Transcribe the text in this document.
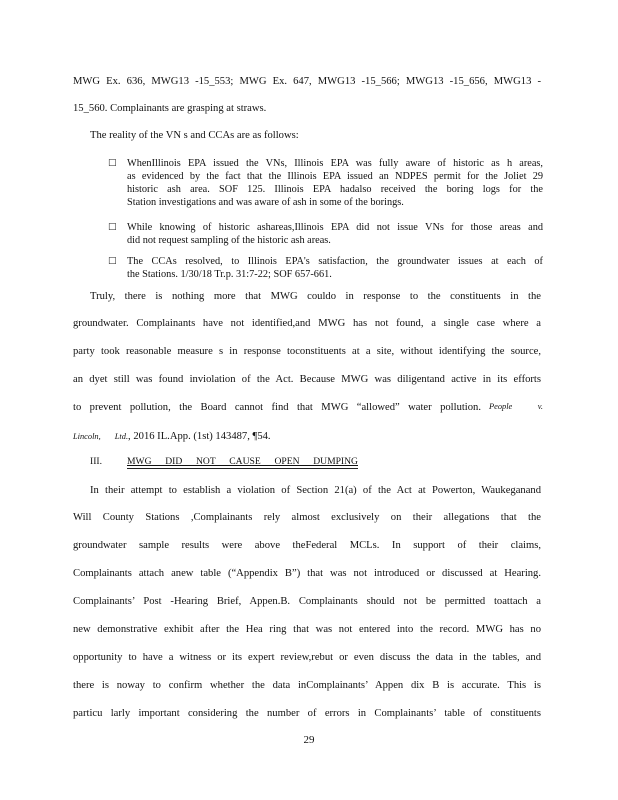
MWG Ex. 636, MWG13 -15_553; MWG Ex. 647, MWG13 -15_566; MWG13 -15_656, MWG13 -
15_560. Complainants are grasping at straws.
The reality of the VN s and CCAs are as follows:
□ WhenIllinois EPA issued the VNs, Illinois EPA was fully aware of historic as h areas,
as evidenced by the fact that the Illinois EPA issued an NDPES permit for the Joliet 29
historic ash area. SOF 125. Illinois EPA hadalso received the boring logs for the
Station investigations and was aware of ash in some of the borings.
□ While knowing of historic ashareas,Illinois EPA did not issue VNs for those areas and
did not request sampling of the historic ash areas.
□ The CCAs resolved, to Illinois EPA's satisfaction, the groundwater issues at each of
the Stations. 1/30/18 Tr.p. 31:7-22; SOF 657-661.
Truly, there is nothing more that MWG couldo in response to the constituents in the
groundwater. Complainants have not identified,and MWG has not found, a single case where a
party took reasonable measure s in response toconstituents at a site, without identifying the source,
an dyet still was found inviolation of the Act. Because MWG was diligentand active in its efforts
to prevent pollution, the Board cannot find that MWG “allowed” water pollution. People v.
Lincoln, Ltd., 2016 IL.App. (1st) 143487, ¶54.
III.	MWG DID NOT CAUSE OPEN DUMPING
In their attempt to establish a violation of Section 21(a) of the Act at Powerton, Waukeganand
Will County Stations ,Complainants rely almost exclusively on their allegations that the
groundwater sample results were above theFederal MCLs. In support of their claims,
Complainants attach anew table (“Appendix B”) that was not introduced or discussed at Hearing.
Complainants’ Post -Hearing Brief, Appen.B. Complainants should not be permitted toattach a
new demonstrative exhibit after the Hea ring that was not entered into the record. MWG has no
opportunity to have a witness or its expert review,rebut or even discuss the data in the tables, and
there is noway to confirm whether the data inComplainants’ Appen dix B is accurate. This is
particu larly important considering the number of errors in Complainants’ table of constituents
29
